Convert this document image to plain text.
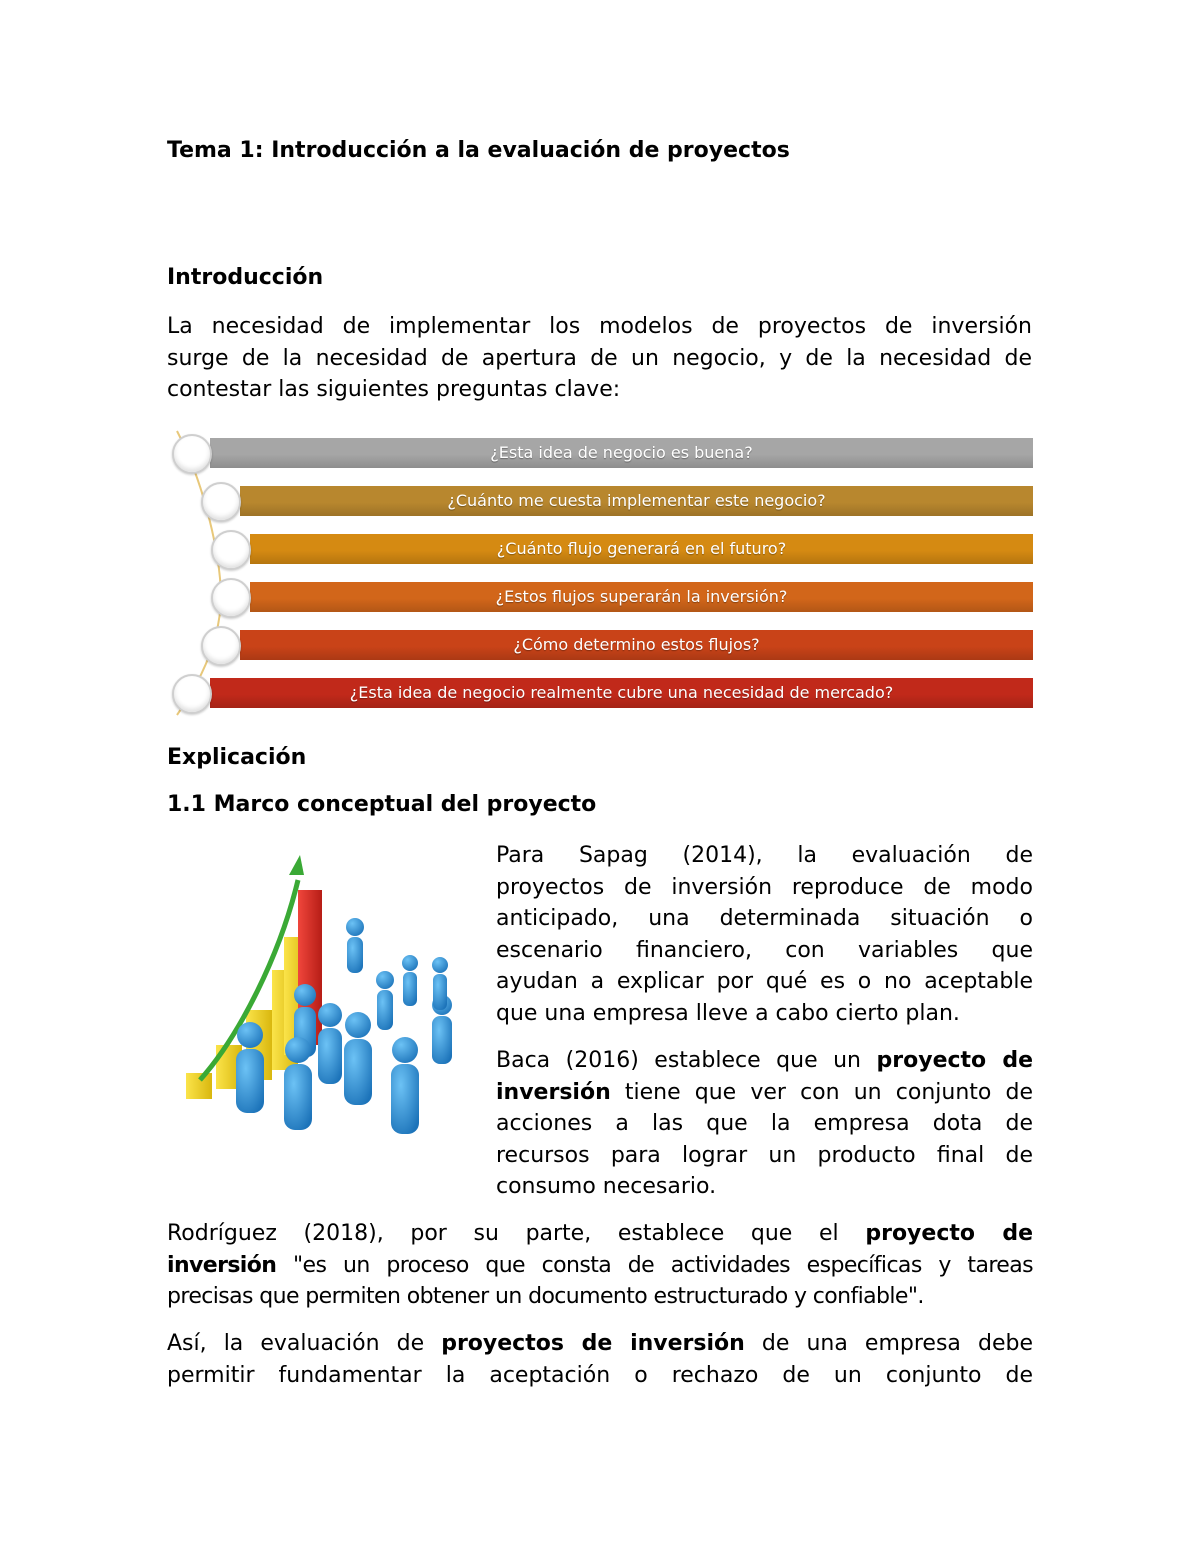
Tema 1: Introducción a la evaluación de proyectos
Introducción
La necesidad de implementar los modelos de proyectos de inversión
surge de la necesidad de apertura de un negocio, y de la necesidad de
contestar las siguientes preguntas clave:
¿Esta idea de negocio es buena?
¿Cuánto me cuesta implementar este negocio?
¿Cuánto flujo generará en el futuro?
¿Estos flujos superarán la inversión?
¿Cómo determino estos flujos?
¿Esta idea de negocio realmente cubre una necesidad de mercado?
Explicación
1.1 Marco conceptual del proyecto
Para Sapag (2014), la evaluación de
proyectos de inversión reproduce de modo
anticipado, una determinada situación o
escenario financiero, con variables que
ayudan a explicar por qué es o no aceptable
que una empresa lleve a cabo cierto plan.
Baca (2016) establece que un proyecto de
inversión tiene que ver con un conjunto de
acciones a las que la empresa dota de
recursos para lograr un producto final de
consumo necesario.
Rodríguez (2018), por su parte, establece que el proyecto de
inversión "es un proceso que consta de actividades específicas y tareas
precisas que permiten obtener un documento estructurado y confiable".
Así, la evaluación de proyectos de inversión de una empresa debe
permitir fundamentar la aceptación o rechazo de un conjunto de
